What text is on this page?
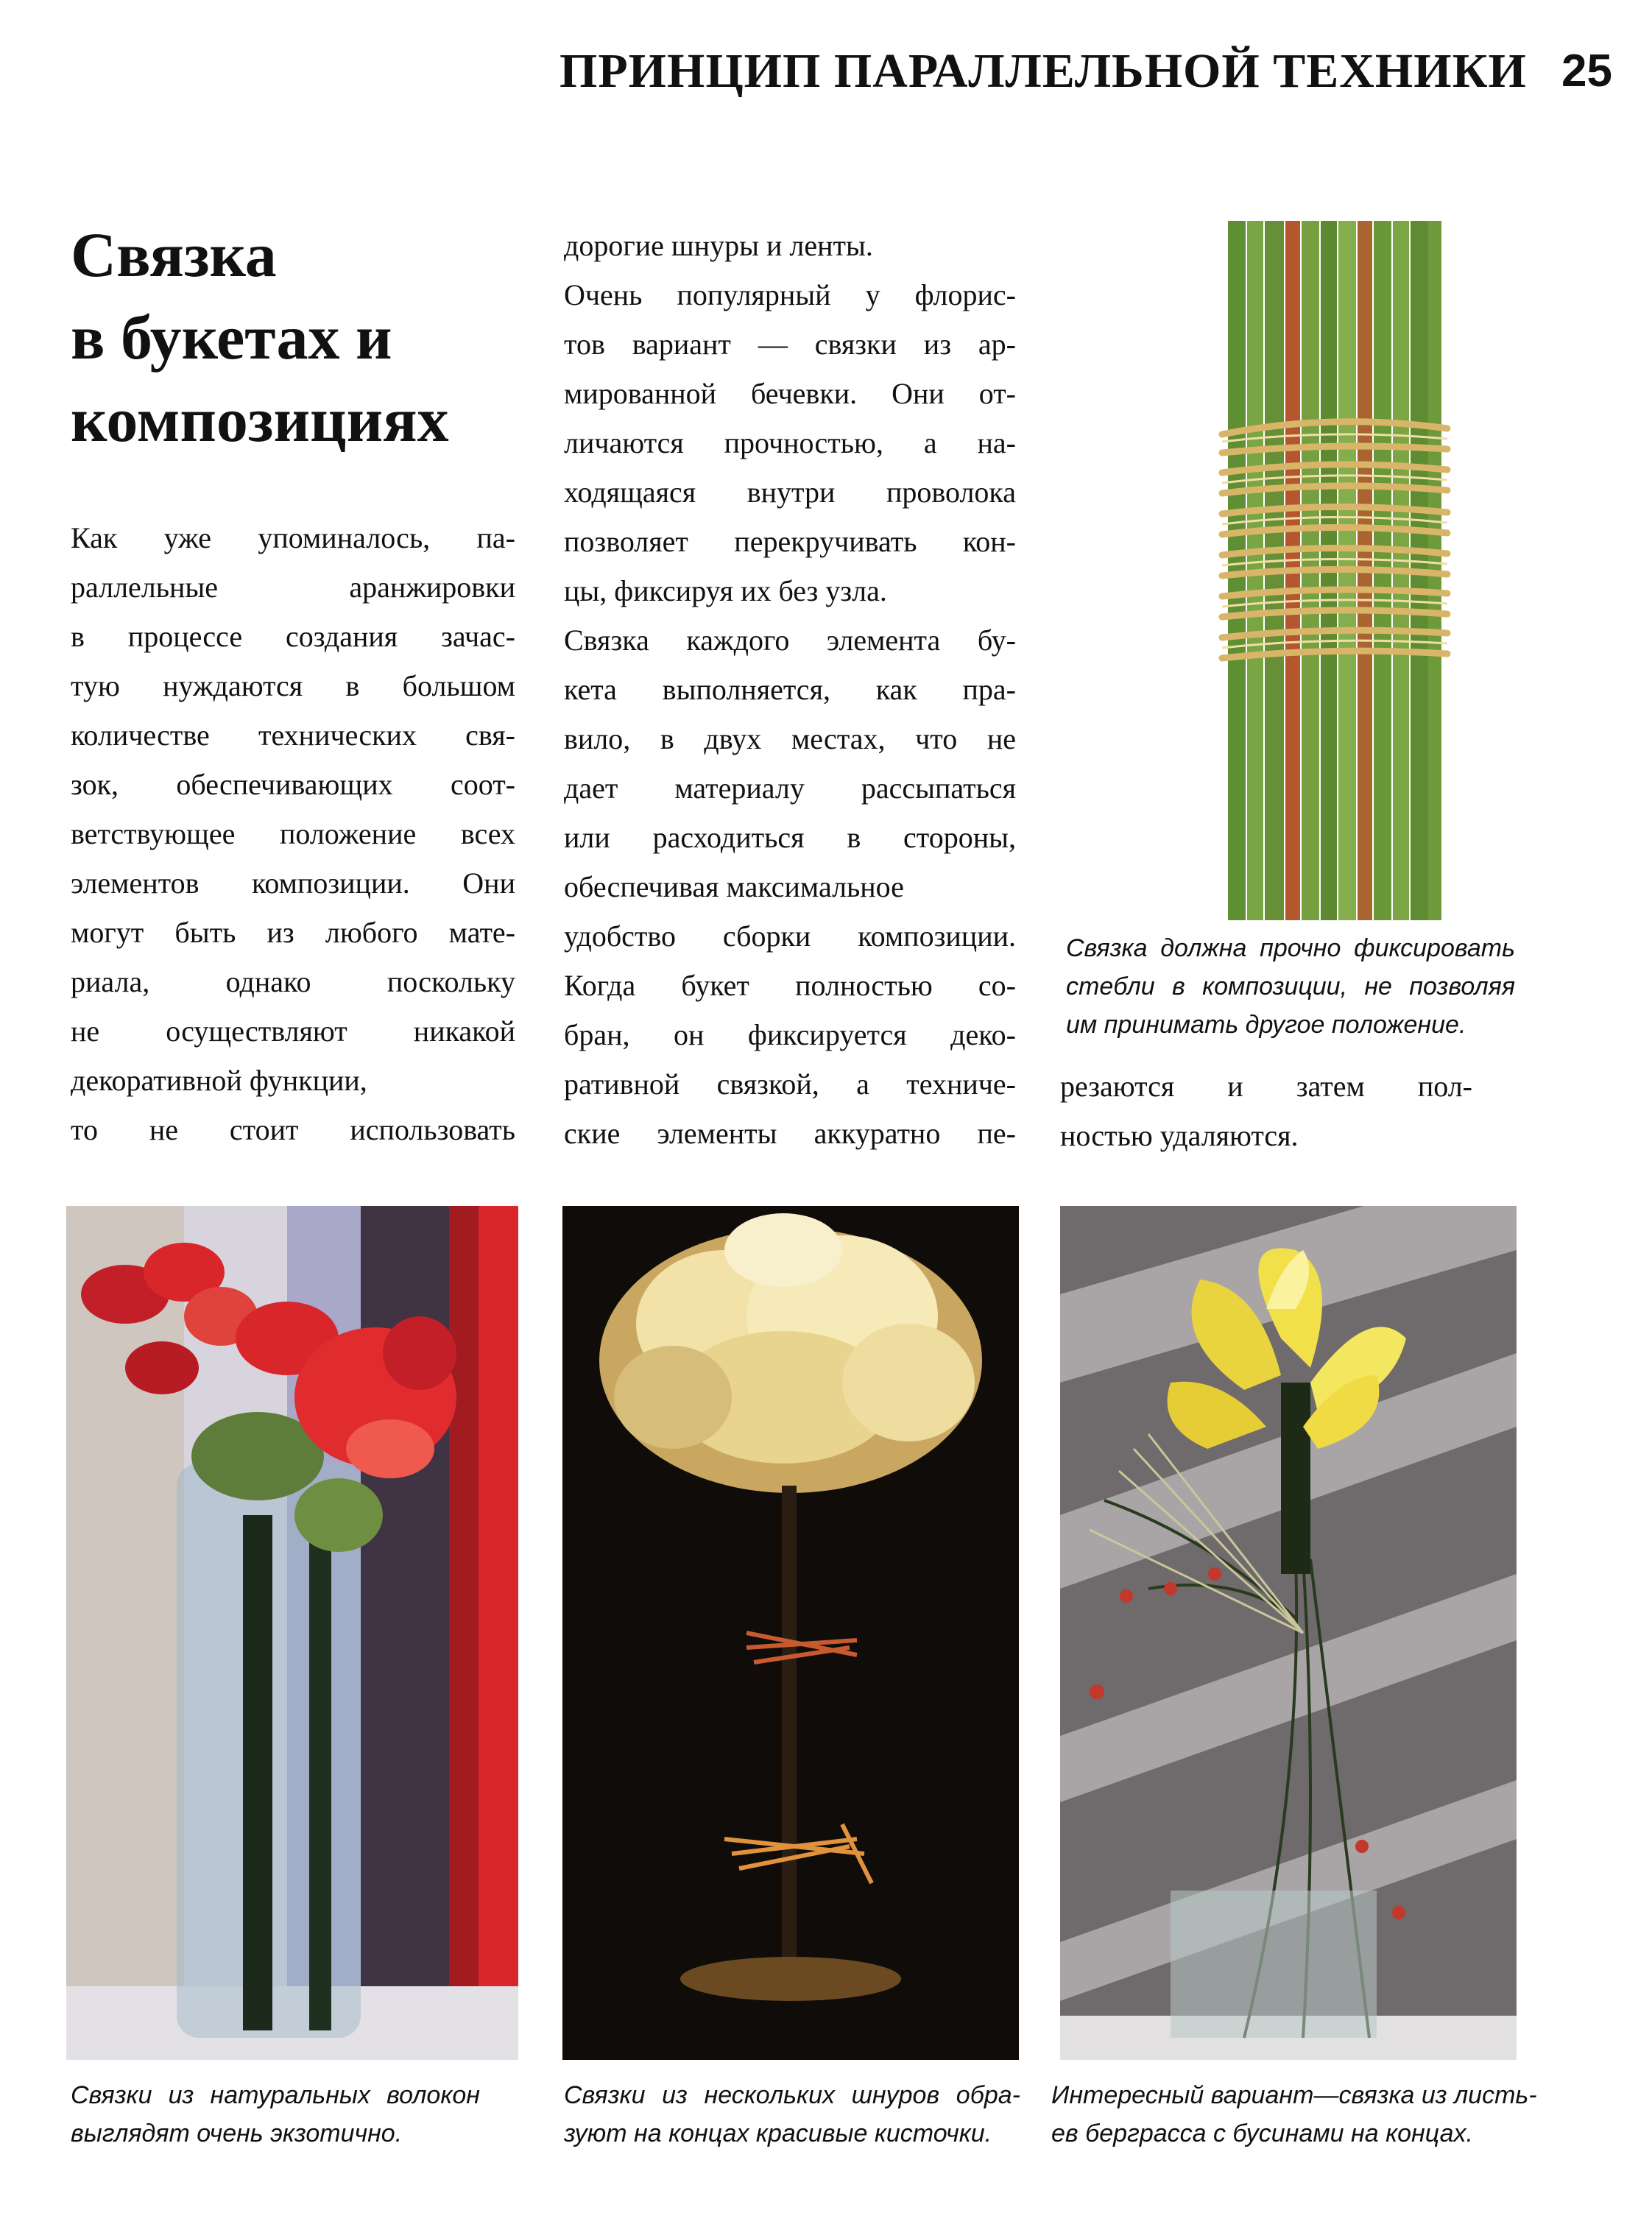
ПРИНЦИП ПАРАЛЛЕЛЬНОЙ ТЕХНИКИ 25
Связка
в букетах и
композициях
Как уже упоминалось, па-
раллельные аранжировки
в процессе создания зачас-
тую нуждаются в большом
количестве технических свя-
зок, обеспечивающих соот-
ветствующее положение всех
элементов композиции. Они
могут быть из любого мате-
риала, однако поскольку
не осуществляют никакой
декоративной функции,
то не стоит использовать
дорогие шнуры и ленты.
Очень популярный у флорис-
тов вариант — связки из ар-
мированной бечевки. Они от-
личаются прочностью, а на-
ходящаяся внутри проволока
позволяет перекручивать кон-
цы, фиксируя их без узла.
Связка каждого элемента бу-
кета выполняется, как пра-
вило, в двух местах, что не
дает материалу рассыпаться
или расходиться в стороны,
обеспечивая максимальное
удобство сборки композиции.
Когда букет полностью со-
бран, он фиксируется деко-
ративной связкой, а техниче-
ские элементы аккуратно пе-
Связка должна прочно фиксировать
стебли в композиции, не позволяя
им принимать другое положение.
резаются и затем пол-
ностью удаляются.
Связки из натуральных волокон
выглядят очень экзотично.
Связки из нескольких шнуров обра-
зуют на концах красивые кисточки.
Интересный вариант—связка из листь-
ев бергрaсса с бусинами на концах.
